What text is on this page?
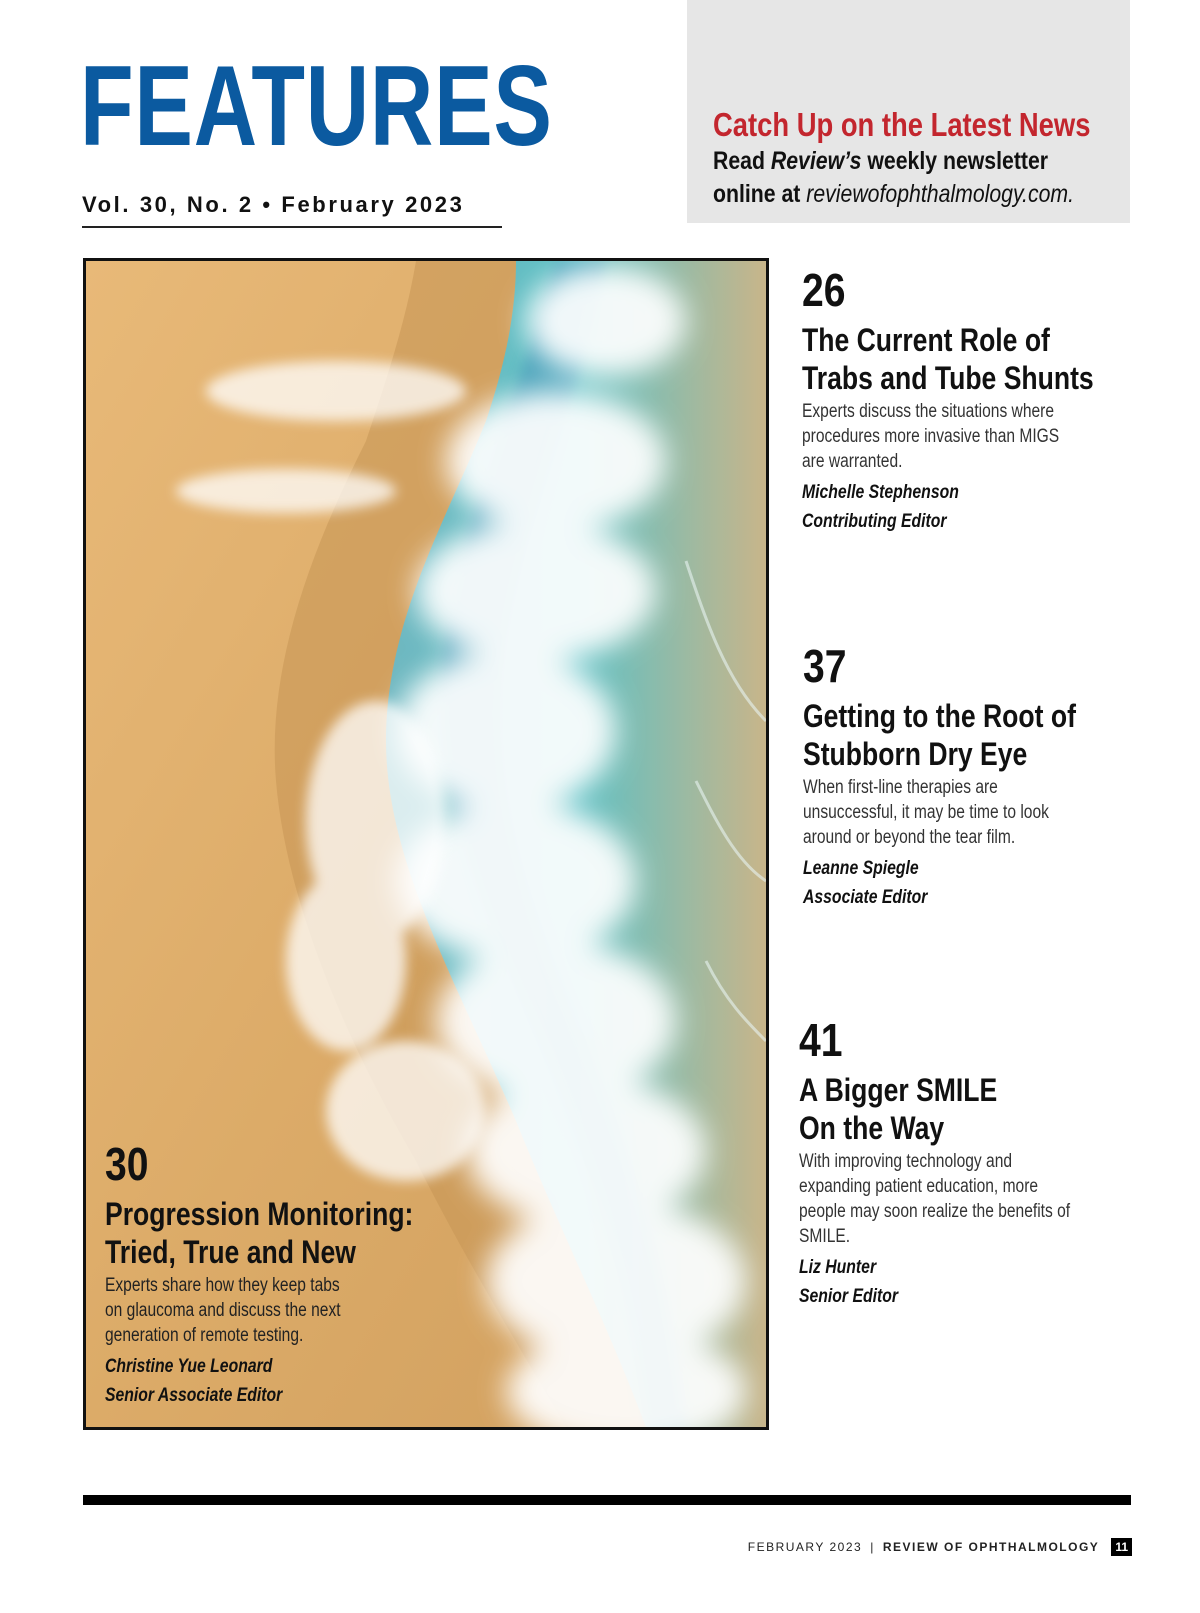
FEATURES
Vol. 30, No. 2 • February 2023
Catch Up on the Latest News
Read Review’s weekly newsletter
online at reviewofophthalmology.com.
26
The Current Role of
Trabs and Tube Shunts
Experts discuss the situations where
procedures more invasive than MIGS
are warranted.
Michelle Stephenson
Contributing Editor
37
Getting to the Root of
Stubborn Dry Eye
When first-line therapies are
unsuccessful, it may be time to look
around or beyond the tear film.
Leanne Spiegle
Associate Editor
41
A Bigger SMILE
On the Way
With improving technology and
expanding patient education, more
people may soon realize the benefits of
SMILE.
Liz Hunter
Senior Editor
30
Progression Monitoring:
Tried, True and New
Experts share how they keep tabs
on glaucoma and discuss the next
generation of remote testing.
Christine Yue Leonard
Senior Associate Editor
FEBRUARY 2023 | REVIEW OF OPHTHALMOLOGY	11
